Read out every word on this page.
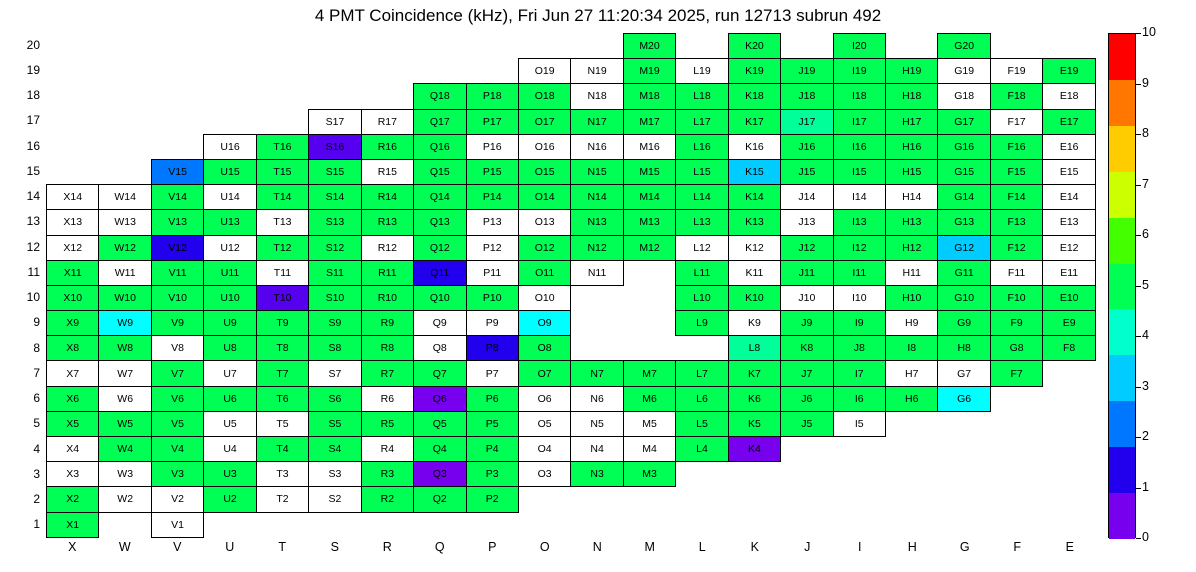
4 PMT Coincidence (kHz), Fri Jun 27 11:20:34 2025, run 12713 subrun 492
											M20		K20		I20		G20		
									O19	N19	M19	L19	K19	J19	I19	H19	G19	F19	E19
							Q18	P18	O18	N18	M18	L18	K18	J18	I18	H18	G18	F18	E18
					S17	R17	Q17	P17	O17	N17	M17	L17	K17	J17	I17	H17	G17	F17	E17
			U16	T16	S16	R16	Q16	P16	O16	N16	M16	L16	K16	J16	I16	H16	G16	F16	E16
		V15	U15	T15	S15	R15	Q15	P15	O15	N15	M15	L15	K15	J15	I15	H15	G15	F15	E15
X14	W14	V14	U14	T14	S14	R14	Q14	P14	O14	N14	M14	L14	K14	J14	I14	H14	G14	F14	E14
X13	W13	V13	U13	T13	S13	R13	Q13	P13	O13	N13	M13	L13	K13	J13	I13	H13	G13	F13	E13
X12	W12	V12	U12	T12	S12	R12	Q12	P12	O12	N12	M12	L12	K12	J12	I12	H12	G12	F12	E12
X11	W11	V11	U11	T11	S11	R11	Q11	P11	O11	N11		L11	K11	J11	I11	H11	G11	F11	E11
X10	W10	V10	U10	T10	S10	R10	Q10	P10	O10			L10	K10	J10	I10	H10	G10	F10	E10
X9	W9	V9	U9	T9	S9	R9	Q9	P9	O9			L9	K9	J9	I9	H9	G9	F9	E9
X8	W8	V8	U8	T8	S8	R8	Q8	P8	O8				L8	K8	J8	I8	H8	G8	F8
X7	W7	V7	U7	T7	S7	R7	Q7	P7	O7	N7	M7	L7	K7	J7	I7	H7	G7	F7	
X6	W6	V6	U6	T6	S6	R6	Q6	P6	O6	N6	M6	L6	K6	J6	I6	H6	G6		
X5	W5	V5	U5	T5	S5	R5	Q5	P5	O5	N5	M5	L5	K5	J5	I5				
X4	W4	V4	U4	T4	S4	R4	Q4	P4	O4	N4	M4	L4	K4						
X3	W3	V3	U3	T3	S3	R3	Q3	P3	O3	N3	M3								
X2	W2	V2	U2	T2	S2	R2	Q2	P2											
X1		V1																	
20
19
18
17
16
15
14
13
12
11
10
9
8
7
6
5
4
3
2
1
X	W	V	U	T	S	R	Q	P	O	N	M	L	K	J	I	H	G	F	E
0
1
2
3
4
5
6
7
8
9
10
